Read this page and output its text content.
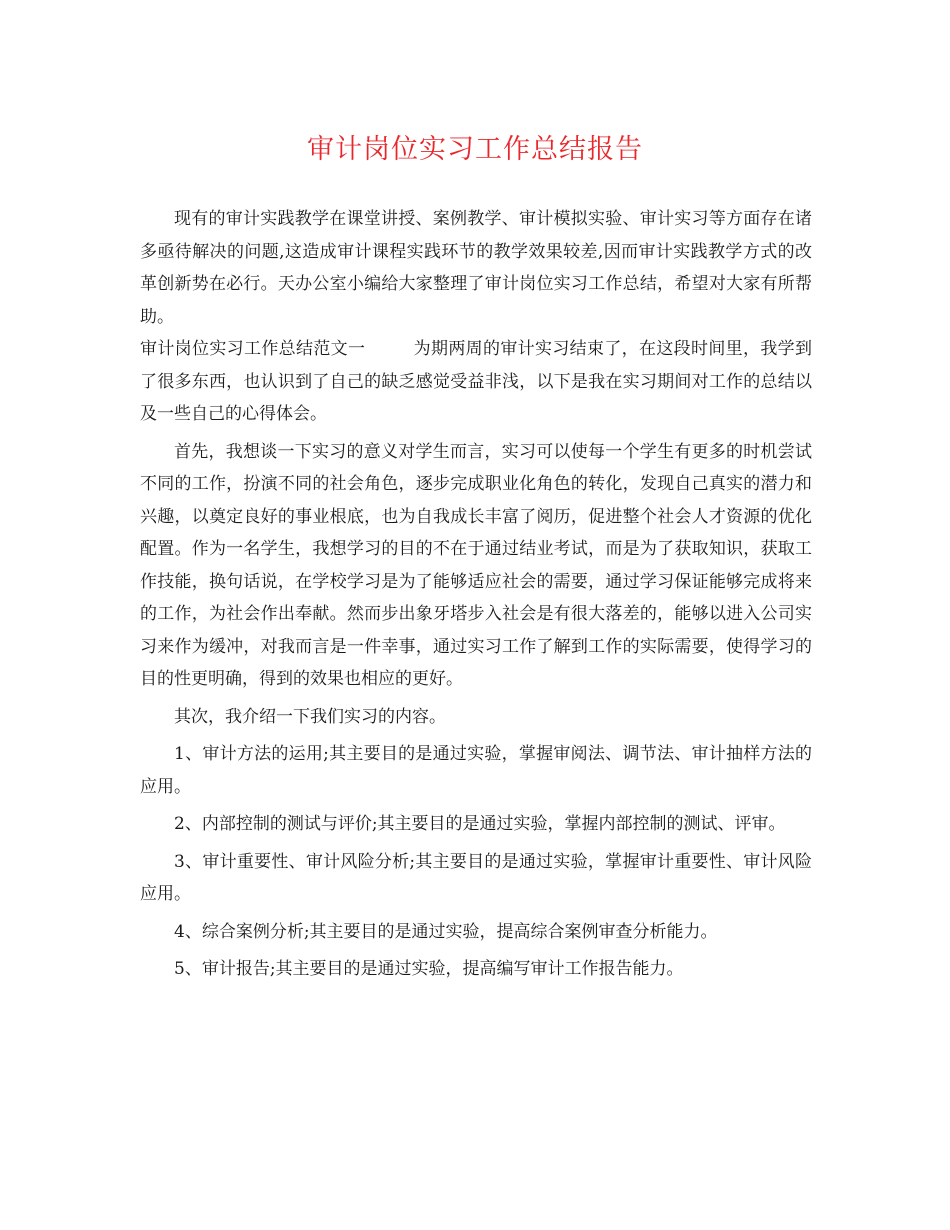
审计岗位实习工作总结报告

现有的审计实践教学在课堂讲授、案例教学、审计模拟实验、审计实习等方面存在诸多亟待解决的问题,这造成审计课程实践环节的教学效果较差,因而审计实践教学方式的改革创新势在必行。天办公室小编给大家整理了审计岗位实习工作总结，希望对大家有所帮助。

审计岗位实习工作总结范文一	为期两周的审计实习结束了，在这段时间里，我学到了很多东西，也认识到了自己的缺乏感觉受益非浅，以下是我在实习期间对工作的总结以及一些自己的心得体会。

首先，我想谈一下实习的意义对学生而言，实习可以使每一个学生有更多的时机尝试不同的工作，扮演不同的社会角色，逐步完成职业化角色的转化，发现自己真实的潜力和兴趣，以奠定良好的事业根底，也为自我成长丰富了阅历，促进整个社会人才资源的优化配置。作为一名学生，我想学习的目的不在于通过结业考试，而是为了获取知识，获取工作技能，换句话说，在学校学习是为了能够适应社会的需要，通过学习保证能够完成将来的工作，为社会作出奉献。然而步出象牙塔步入社会是有很大落差的，能够以进入公司实习来作为缓冲，对我而言是一件幸事，通过实习工作了解到工作的实际需要，使得学习的目的性更明确，得到的效果也相应的更好。

其次，我介绍一下我们实习的内容。

1、审计方法的运用;其主要目的是通过实验，掌握审阅法、调节法、审计抽样方法的应用。

2、内部控制的测试与评价;其主要目的是通过实验，掌握内部控制的测试、评审。

3、审计重要性、审计风险分析;其主要目的是通过实验，掌握审计重要性、审计风险应用。

4、综合案例分析;其主要目的是通过实验，提高综合案例审查分析能力。

5、审计报告;其主要目的是通过实验，提高编写审计工作报告能力。
